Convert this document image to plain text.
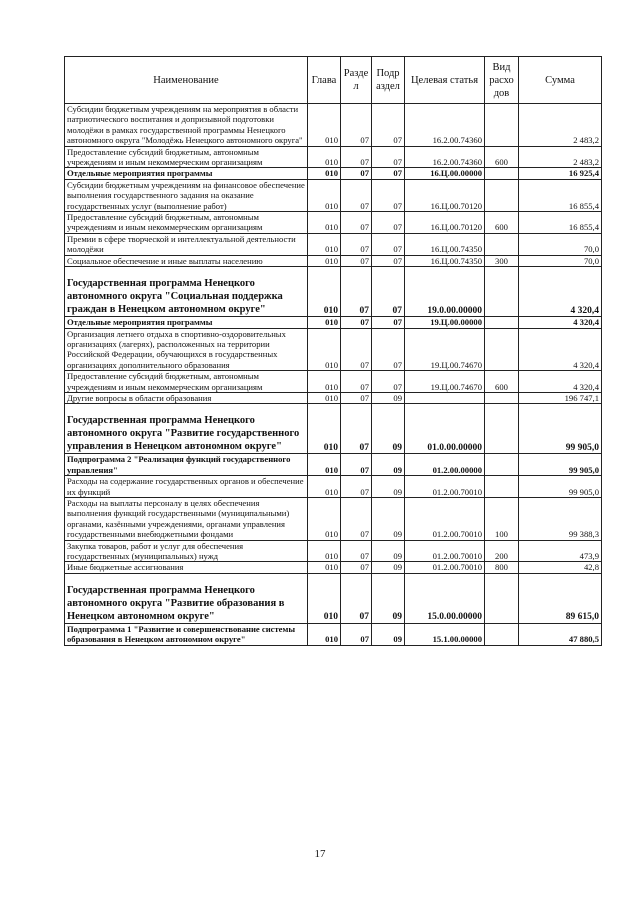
Наименование	Глава	Разде л	Подр аздел	Целевая статья	Вид расхо дов	Сумма
Субсидии бюджетным учреждениям на мероприятия в области патриотического воспитания и допризывной подготовки молодёжи в рамках государственной программы Ненецкого автономного округа "Молодёжь Ненецкого автономного округа"	010	07	07	16.2.00.74360		2 483,2
Предоставление субсидий бюджетным, автономным учреждениям и иным некоммерческим организациям	010	07	07	16.2.00.74360	600	2 483,2
Отдельные мероприятия программы	010	07	07	16.Ц.00.00000		16 925,4
Субсидии бюджетным учреждениям на финансовое обеспечение выполнения государственного задания на оказание государственных услуг (выполнение работ)	010	07	07	16.Ц.00.70120		16 855,4
Предоставление субсидий бюджетным, автономным учреждениям и иным некоммерческим организациям	010	07	07	16.Ц.00.70120	600	16 855,4
Премии в сфере творческой и интеллектуальной деятельности молодёжи	010	07	07	16.Ц.00.74350		70,0
Социальное обеспечение и иные выплаты населению	010	07	07	16.Ц.00.74350	300	70,0
Государственная программа Ненецкого автономного округа "Социальная поддержка граждан в Ненецком автономном округе"	010	07	07	19.0.00.00000		4 320,4
Отдельные мероприятия программы	010	07	07	19.Ц.00.00000		4 320,4
Организация летнего отдыха в спортивно-оздоровительных организациях (лагерях), расположенных на территории Российской Федерации, обучающихся в государственных организациях дополнительного образования	010	07	07	19.Ц.00.74670		4 320,4
Предоставление субсидий бюджетным, автономным учреждениям и иным некоммерческим организациям	010	07	07	19.Ц.00.74670	600	4 320,4
Другие вопросы в области образования	010	07	09			196 747,1
Государственная программа Ненецкого автономного округа "Развитие государственного управления в Ненецком автономном округе"	010	07	09	01.0.00.00000		99 905,0
Подпрограмма 2 "Реализация функций государственного управления"	010	07	09	01.2.00.00000		99 905,0
Расходы на содержание государственных органов и обеспечение их функций	010	07	09	01.2.00.70010		99 905,0
Расходы на выплаты персоналу в целях обеспечения выполнения функций государственными (муниципальными) органами, казёнными учреждениями, органами управления государственными внебюджетными фондами	010	07	09	01.2.00.70010	100	99 388,3
Закупка товаров, работ и услуг для обеспечения государственных (муниципальных) нужд	010	07	09	01.2.00.70010	200	473,9
Иные бюджетные ассигнования	010	07	09	01.2.00.70010	800	42,8
Государственная программа Ненецкого автономного округа "Развитие образования в Ненецком автономном округе"	010	07	09	15.0.00.00000		89 615,0
Подпрограмма 1 "Развитие и совершенствование системы образования в Ненецком автономном округе"	010	07	09	15.1.00.00000		47 880,5
17
